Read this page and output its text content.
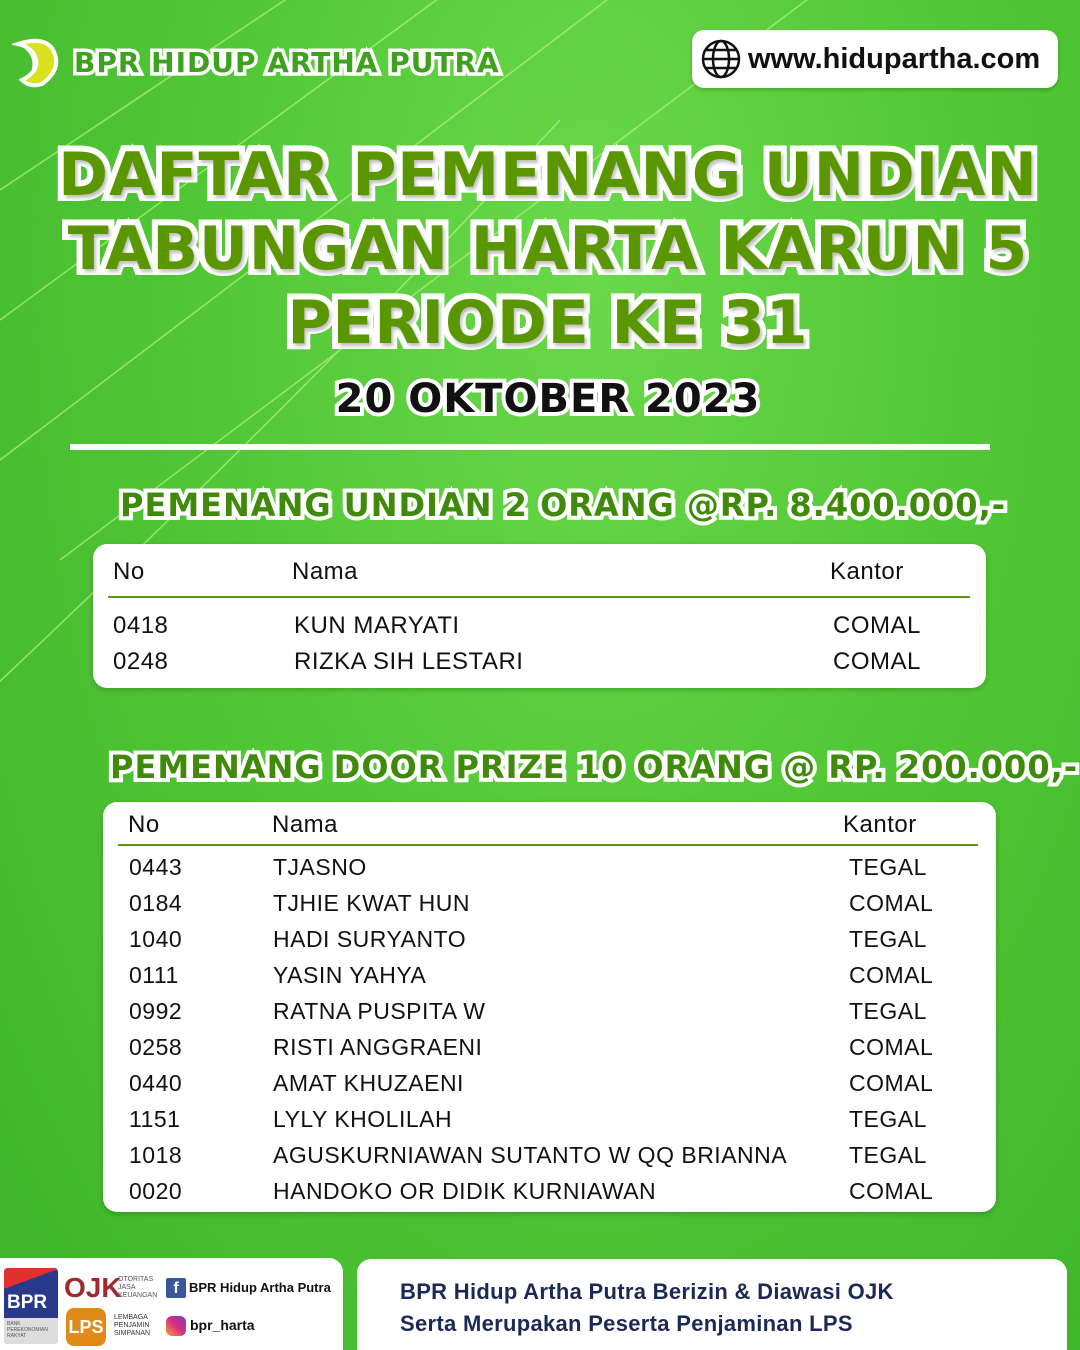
BPR HIDUP ARTHA PUTRA	www.hidupartha.com
DAFTAR PEMENANG UNDIAN
TABUNGAN HARTA KARUN 5
PERIODE KE 31
20 OKTOBER 2023
PEMENANG UNDIAN 2 ORANG @RP. 8.400.000,-
No	Nama	Kantor
0418	KUN MARYATI	COMAL
0248	RIZKA SIH LESTARI	COMAL
PEMENANG DOOR PRIZE 10 ORANG @ RP. 200.000,-
No	Nama	Kantor
0443	TJASNO	TEGAL
0184	TJHIE KWAT HUN	COMAL
1040	HADI SURYANTO	TEGAL
0111	YASIN YAHYA	COMAL
0992	RATNA PUSPITA W	TEGAL
0258	RISTI ANGGRAENI	COMAL
0440	AMAT KHUZAENI	COMAL
1151	LYLY KHOLILAH	TEGAL
1018	AGUSKURNIAWAN SUTANTO W QQ BRIANNA	TEGAL
0020	HANDOKO OR DIDIK KURNIAWAN	COMAL
BPR
BANK PEREKONOMIAN RAKYAT
OJK
OTORITAS JASA KEUANGAN
LPS	LEMBAGA PENJAMIN SIMPANAN
f BPR Hidup Artha Putra
bpr_harta
BPR Hidup Artha Putra Berizin & Diawasi OJK
Serta Merupakan Peserta Penjaminan LPS
